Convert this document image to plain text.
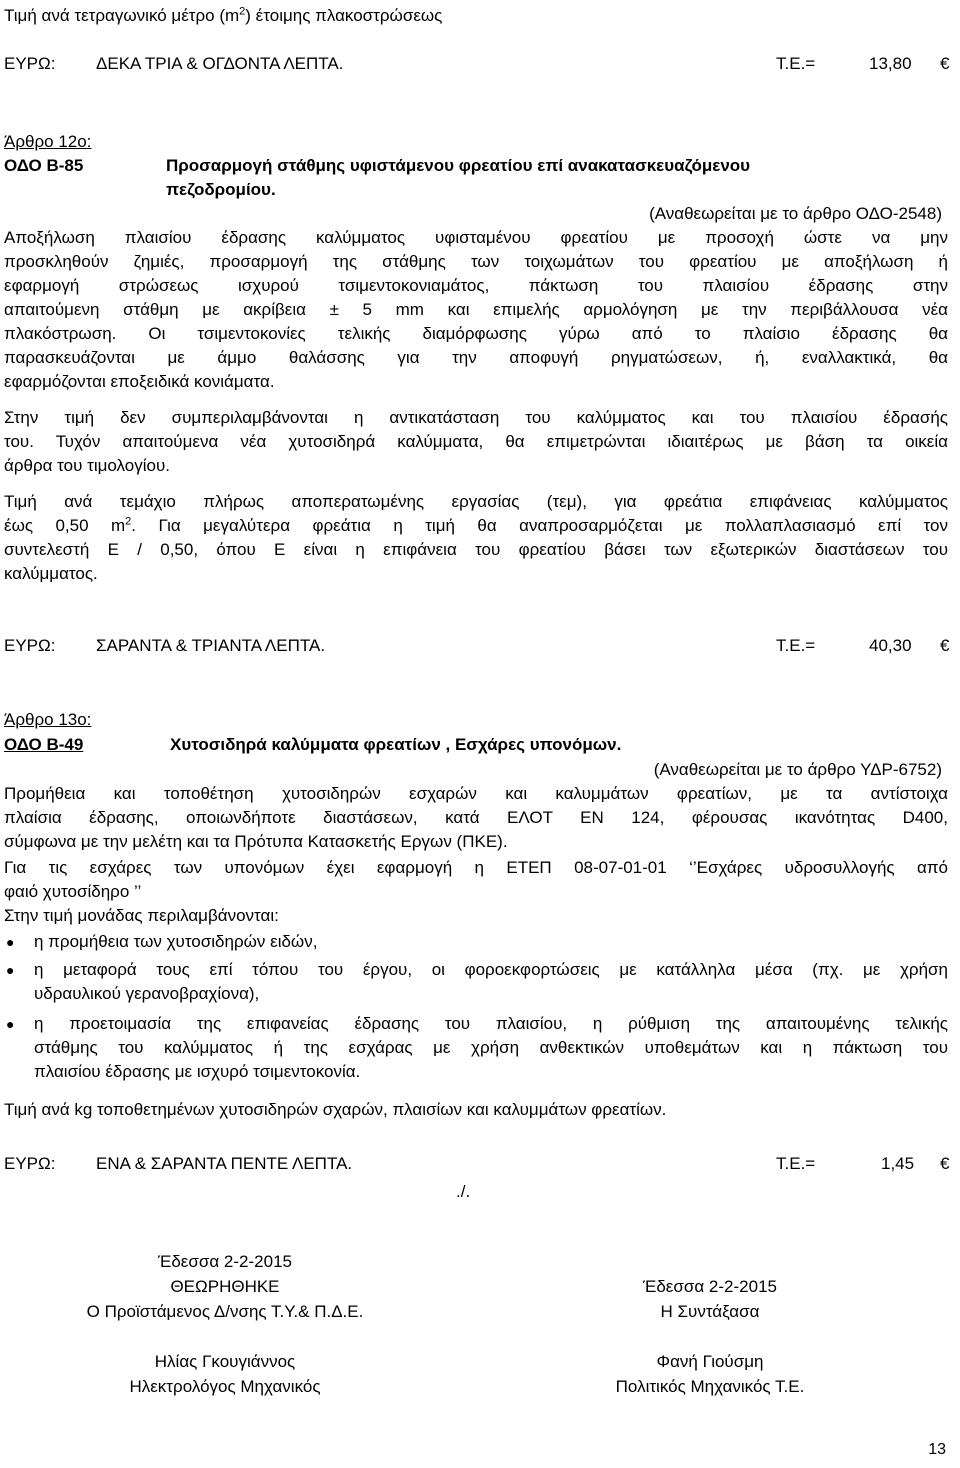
Τιμή ανά τετραγωνικό μέτρο $(m^2)$ έτοιμης πλακοστρώσεως
ΕΥΡΩ: ΔΕΚΑ ΤΡΙΑ & ΟΓΔΟΝΤΑ ΛΕΠΤΑ.	Τ.Ε.=	13,80 €
Άρθρο 12ο:
ΟΔΟ Β-85	Προσαρμογή στάθμης υφιστάμενου φρεατίου επί ανακατασκευαζόμενου
πεζοδρομίου.
(Αναθεωρείται με το άρθρο ΟΔΟ-2548)
Αποξήλωση πλαισίου έδρασης καλύμματος υφισταμένου φρεατίου με προσοχή ώστε να μην
προσκληθούν ζημιές, προσαρμογή της στάθμης των τοιχωμάτων του φρεατίου με αποξήλωση ή
εφαρμογή στρώσεως ισχυρού τσιμεντοκονιαμάτος, πάκτωση του πλαισίου έδρασης στην
απαιτούμενη στάθμη με ακρίβεια ± 5 mm και επιμελής αρμολόγηση με την περιβάλλουσα νέα
πλακόστρωση. Οι τσιμεντοκονίες τελικής διαμόρφωσης γύρω από το πλαίσιο έδρασης θα
παρασκευάζονται με άμμο θαλάσσης για την αποφυγή ρηγματώσεων, ή, εναλλακτικά, θα
εφαρμόζονται εποξειδικά κονιάματα.
Στην τιμή δεν συμπεριλαμβάνονται η αντικατάσταση του καλύμματος και του πλαισίου έδρασής
του. Τυχόν απαιτούμενα νέα χυτοσιδηρά καλύμματα, θα επιμετρώνται ιδιαιτέρως με βάση τα οικεία
άρθρα του τιμολογίου.
Τιμή ανά τεμάχιο πλήρως αποπερατωμένης εργασίας (τεμ), για φρεάτια επιφάνειας καλύμματος
έως 0,50 $m^2$. Για μεγαλύτερα φρεάτια η τιμή θα αναπροσαρμόζεται με πολλαπλασιασμό επί τον
συντελεστή Ε / 0,50, όπου Ε είναι η επιφάνεια του φρεατίου βάσει των εξωτερικών διαστάσεων του
καλύμματος.
ΕΥΡΩ: ΣΑΡΑΝΤΑ & ΤΡΙΑΝΤΑ ΛΕΠΤΑ.	Τ.Ε.=	40,30 €
Άρθρο 13ο:
ΟΔΟ Β-49	Χυτοσιδηρά καλύμματα φρεατίων , Εσχάρες υπονόμων.
(Αναθεωρείται με το άρθρο ΥΔΡ-6752)
Προμήθεια και τοποθέτηση χυτοσιδηρών εσχαρών και καλυμμάτων φρεατίων, με τα αντίστοιχα
πλαίσια έδρασης, οποιωνδήποτε διαστάσεων, κατά ΕΛΟΤ ΕΝ 124, φέρουσας ικανότητας D400,
σύμφωνα με την μελέτη και τα Πρότυπα Κατασκετής Εργων (ΠΚΕ).
Για τις εσχάρες των υπονόμων έχει εφαρμογή η ΕΤΕΠ 08-07-01-01 ‘’Εσχάρες υδροσυλλογής από
φαιό χυτοσίδηρο ’’
Στην τιμή μονάδας περιλαμβάνονται:
● η προμήθεια των χυτοσιδηρών ειδών,
● η μεταφορά τους επί τόπου του έργου, οι φοροεκφορτώσεις με κατάλληλα μέσα (πχ. με χρήση
υδραυλικού γερανοβραχίονα),
● η προετοιμασία της επιφανείας έδρασης του πλαισίου, η ρύθμιση της απαιτουμένης τελικής
στάθμης του καλύμματος ή της εσχάρας με χρήση ανθεκτικών υποθεμάτων και η πάκτωση του
πλαισίου έδρασης με ισχυρό τσιμεντοκονία.
Τιμή ανά kg τοποθετημένων χυτοσιδηρών σχαρών, πλαισίων και καλυμμάτων φρεατίων.
ΕΥΡΩ: ΕΝΑ & ΣΑΡΑΝΤΑ ΠΕΝΤΕ ΛΕΠΤΑ.	Τ.Ε.=	1,45 €
./.
Έδεσσα 2-2-2015
ΘΕΩΡΗΘΗΚΕ
Ο Προϊστάμενος Δ/νσης Τ.Υ.& Π.Δ.Ε.
Ηλίας Γκουγιάννος
Ηλεκτρολόγος Μηχανικός
Έδεσσα 2-2-2015
Η Συντάξασα
Φανή Γιούσμη
Πολιτικός Μηχανικός Τ.Ε.
13
